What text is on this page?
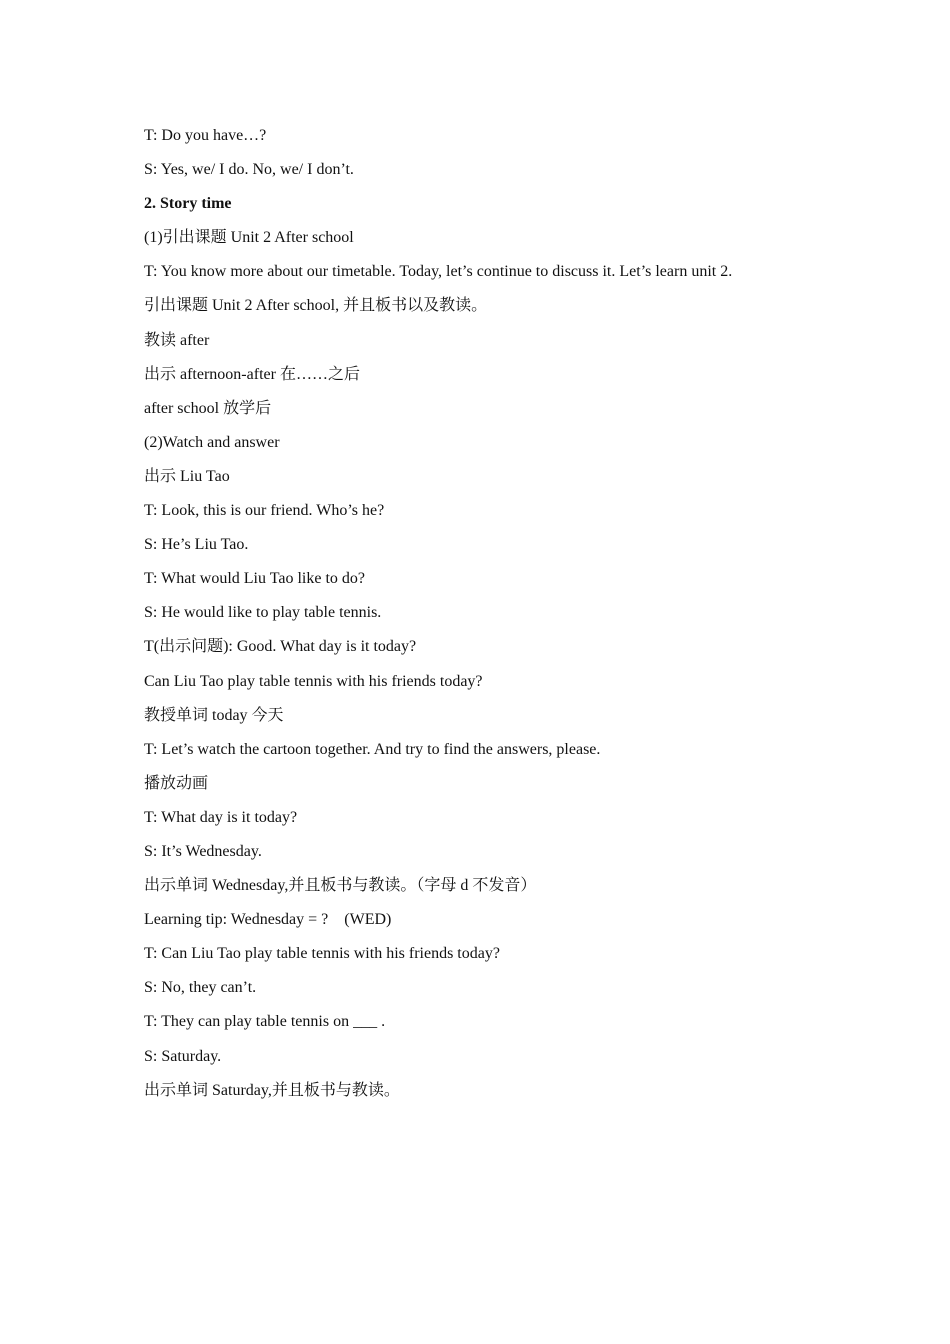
T: Do you have…?
S: Yes, we/ I do. No, we/ I don’t.
2. Story time
(1)引出课题 Unit 2 After school
T: You know more about our timetable. Today, let’s continue to discuss it. Let’s learn unit 2.
引出课题 Unit 2 After school, 并且板书以及教读。
教读 after
出示 afternoon-after 在……之后
after school 放学后
(2)Watch and answer
出示 Liu Tao
T: Look, this is our friend. Who’s he?
S: He’s Liu Tao.
T: What would Liu Tao like to do?
S: He would like to play table tennis.
T(出示问题): Good. What day is it today?
Can Liu Tao play table tennis with his friends today?
教授单词 today 今天
T: Let’s watch the cartoon together. And try to find the answers, please.
播放动画
T: What day is it today?
S: It’s Wednesday.
出示单词 Wednesday,并且板书与教读。（字母 d 不发音）
Learning tip: Wednesday = ?　(WED)
T: Can Liu Tao play table tennis with his friends today?
S: No, they can’t.
T: They can play table tennis on ___ .
S: Saturday.
出示单词 Saturday,并且板书与教读。
